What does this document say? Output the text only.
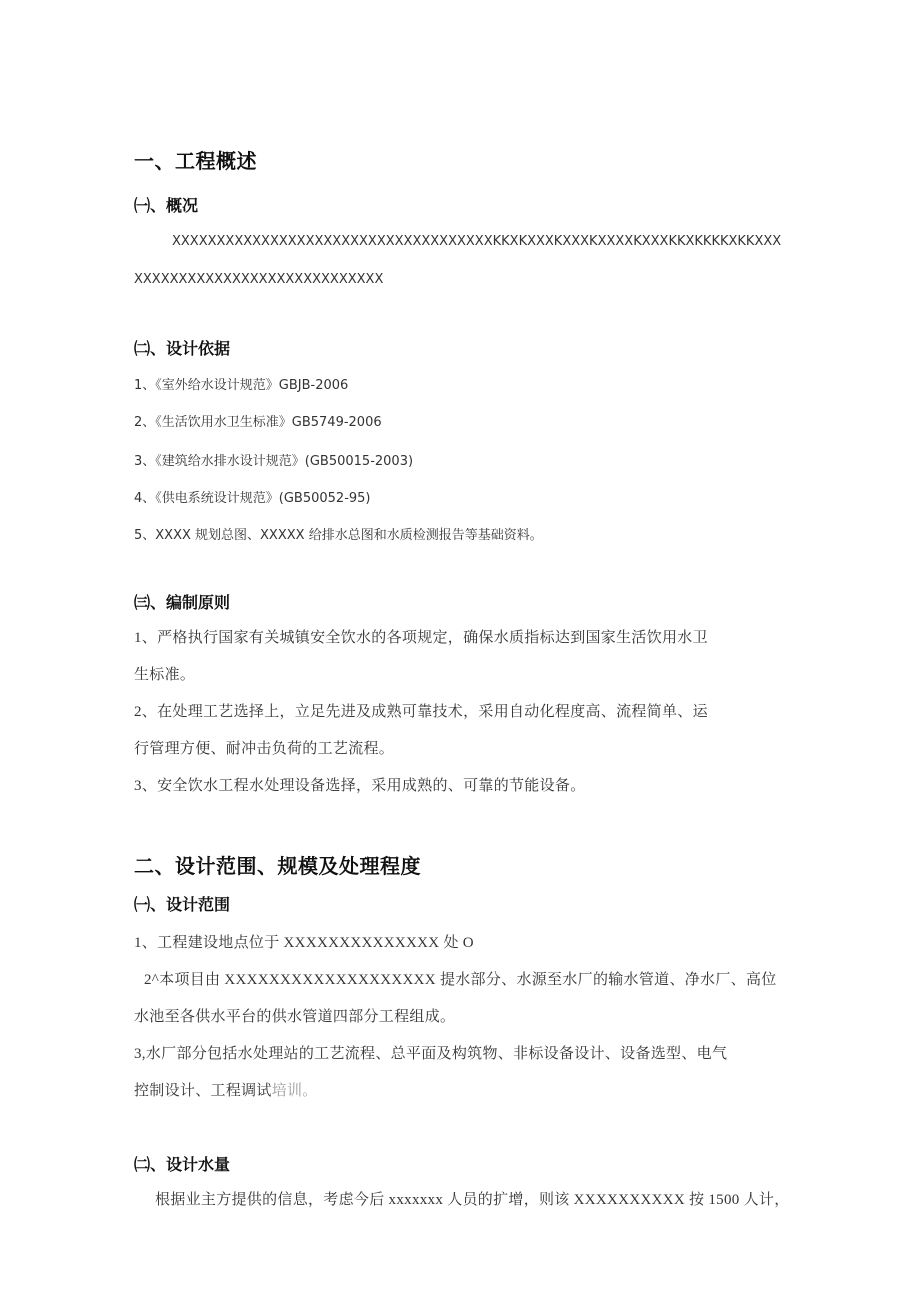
一、工程概述
㈠、概况
XXXXXXXXXXXXXXXXXXXXXXXXXXXXXXXXXXXXKKXKXXXKXXXKXXXXKXXXKKXKKKKXKKXXX
XXXXXXXXXXXXXXXXXXXXXXXXXXXX
㈡、设计依据
1、《室外给水设计规范》GBJB-2006
2、《生活饮用水卫生标准》GB5749-2006
3、《建筑给水排水设计规范》(GB50015-2003)
4、《供电系统设计规范》(GB50052-95)
5、XXXX 规划总图、XXXXX 给排水总图和水质检测报告等基础资料。
㈢、编制原则
1、严格执行国家有关城镇安全饮水的各项规定，确保水质指标达到国家生活饮用水卫
生标准。
2、在处理工艺选择上，立足先进及成熟可靠技术，采用自动化程度高、流程简单、运
行管理方便、耐冲击负荷的工艺流程。
3、安全饮水工程水处理设备选择，采用成熟的、可靠的节能设备。
二、设计范围、规模及处理程度
㈠、设计范围
1、工程建设地点位于 XXXXXXXXXXXXXX 处 O
2^本项目由 XXXXXXXXXXXXXXXXXXX 提水部分、水源至水厂的输水管道、净水厂、高位
水池至各供水平台的供水管道四部分工程组成。
3,水厂部分包括水处理站的工艺流程、总平面及构筑物、非标设备设计、设备选型、电气
控制设计、工程调试培训。
㈡、设计水量
根据业主方提供的信息，考虑今后 xxxxxxx 人员的扩增，则该 XXXXXXXXXX 按 1500 人计，
